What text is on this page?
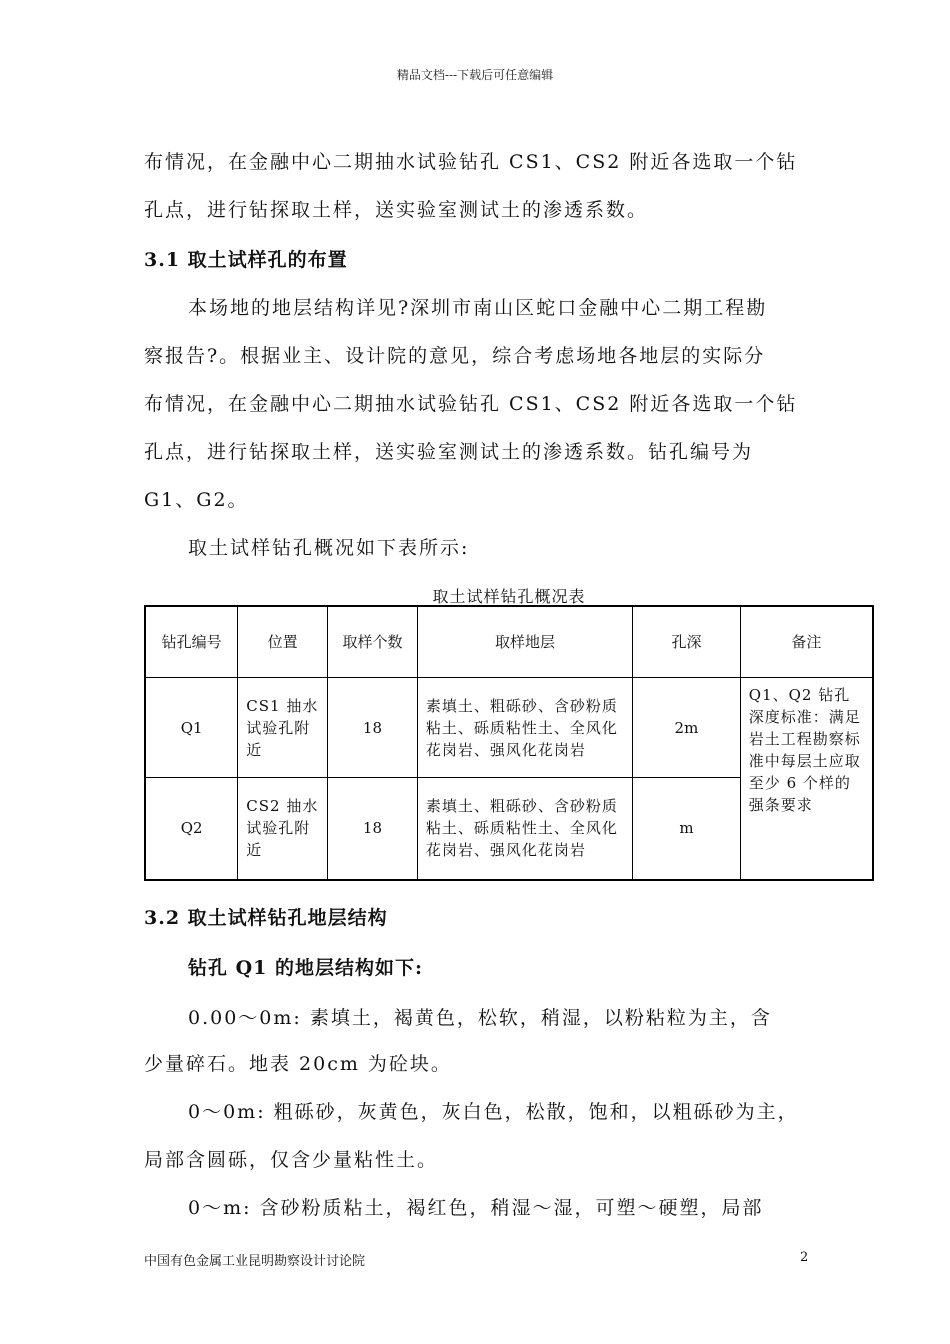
精品文档---下载后可任意编辑
布情况，在金融中心二期抽水试验钻孔 CS1、CS2 附近各选取一个钻
孔点，进行钻探取土样，送实验室测试土的渗透系数。
3.1 取土试样孔的布置
本场地的地层结构详见?深圳市南山区蛇口金融中心二期工程勘
察报告?。根据业主、设计院的意见，综合考虑场地各地层的实际分
布情况，在金融中心二期抽水试验钻孔 CS1、CS2 附近各选取一个钻
孔点，进行钻探取土样，送实验室测试土的渗透系数。钻孔编号为
G1、G2。
取土试样钻孔概况如下表所示:
取土试样钻孔概况表
钻孔编号	位置	取样个数	取样地层	孔深	备注
Q1	CS1 抽水试验孔附近	18	素填土、粗砾砂、含砂粉质粘土、砾质粘性土、全风化花岗岩、强风化花岗岩	2m	Q1、Q2 钻孔深度标准：满足岩土工程勘察标准中每层土应取至少 6 个样的强条要求
Q2	CS2 抽水试验孔附近	18	素填土、粗砾砂、含砂粉质粘土、砾质粘性土、全风化花岗岩、强风化花岗岩	m	
3.2 取土试样钻孔地层结构
钻孔 Q1 的地层结构如下:
0.00～0m: 素填土，褐黄色，松软，稍湿，以粉粘粒为主，含
少量碎石。地表 20cm 为砼块。
0～0m: 粗砾砂，灰黄色，灰白色，松散，饱和，以粗砾砂为主，
局部含圆砾，仅含少量粘性土。
0～m: 含砂粉质粘土，褐红色，稍湿～湿，可塑～硬塑，局部
中国有色金属工业昆明勘察设计讨论院	2
